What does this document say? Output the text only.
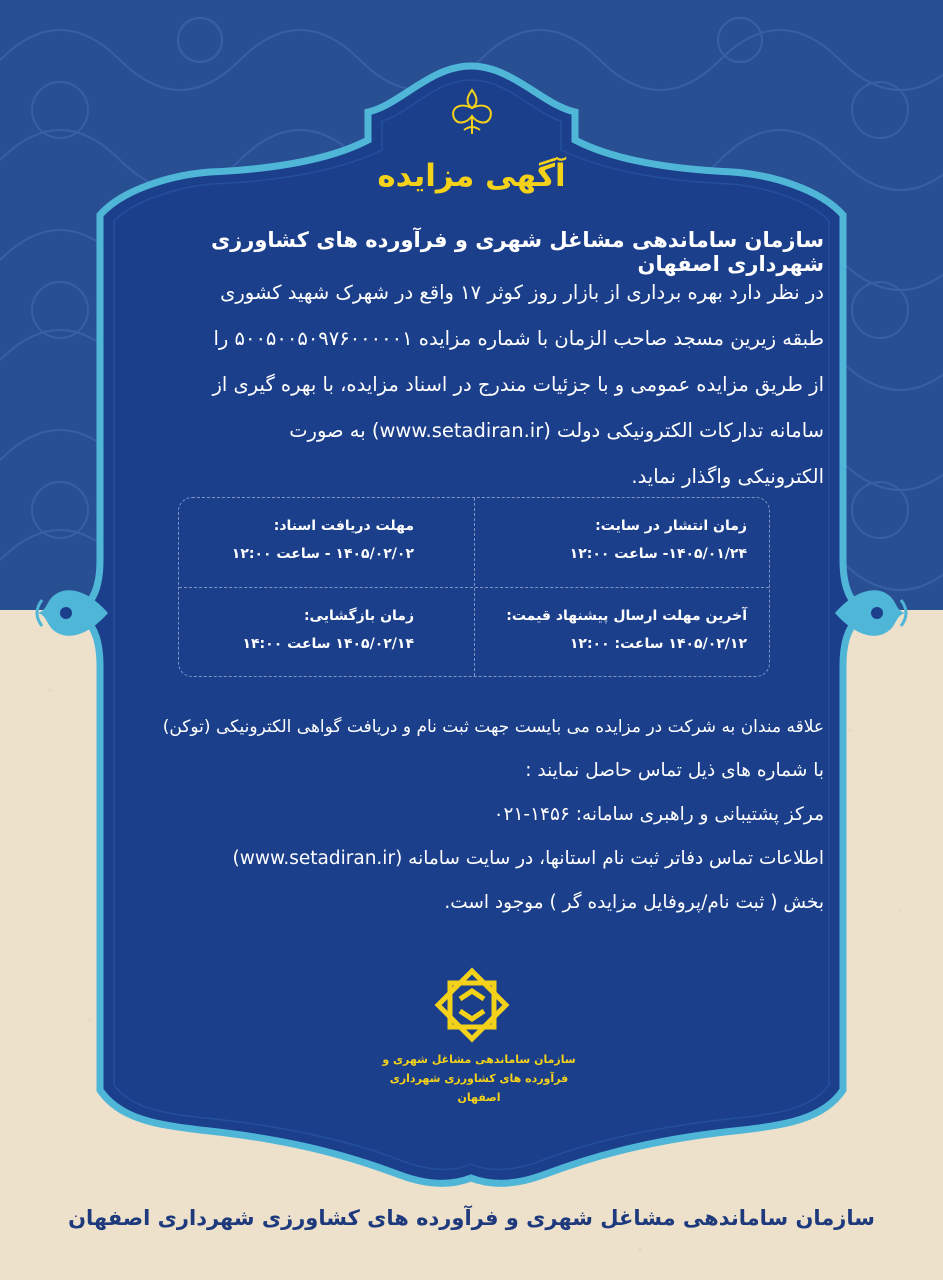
آگهی مزایده
سازمان ساماندهی مشاغل شهری و فرآورده های کشاورزی شهرداری اصفهان
در نظر دارد بهره برداری از بازار روز کوثر ۱۷ واقع در شهرک شهید کشوری
طبقه زیرین مسجد صاحب الزمان با شماره مزایده ۵۰۰۵۰۰۵۰۹۷۶۰۰۰۰۰۱ را
از طریق مزایده عمومی و با جزئیات مندرج در اسناد مزایده، با بهره گیری از
سامانه تدارکات الکترونیکی دولت (www.setadiran.ir) به صورت
الکترونیکی واگذار نماید.
زمان انتشار در سایت:
۱۴۰۵/۰۱/۲۴- ساعت ۱۲:۰۰
مهلت دریافت اسناد:
۱۴۰۵/۰۲/۰۲ - ساعت ۱۲:۰۰
آخرین مهلت ارسال پیشنهاد قیمت:
۱۴۰۵/۰۲/۱۲ ساعت: ۱۲:۰۰
زمان بازگشایی:
۱۴۰۵/۰۲/۱۴ ساعت ۱۴:۰۰
علاقه مندان به شرکت در مزایده می بایست جهت ثبت نام و دریافت گواهی الکترونیکی (توکن)
با شماره های ذیل تماس حاصل نمایند :
مرکز پشتیبانی و راهبری سامانه: ۱۴۵۶-۰۲۱
اطلاعات تماس دفاتر ثبت نام استانها، در سایت سامانه (www.setadiran.ir)
بخش ( ثبت نام/پروفایل مزایده گر ) موجود است.
سازمان ساماندهی مشاغل شهری و
فرآورده های کشاورزی شهرداری اصفهان
سازمان ساماندهی مشاغل شهری و فرآورده های کشاورزی شهرداری اصفهان
